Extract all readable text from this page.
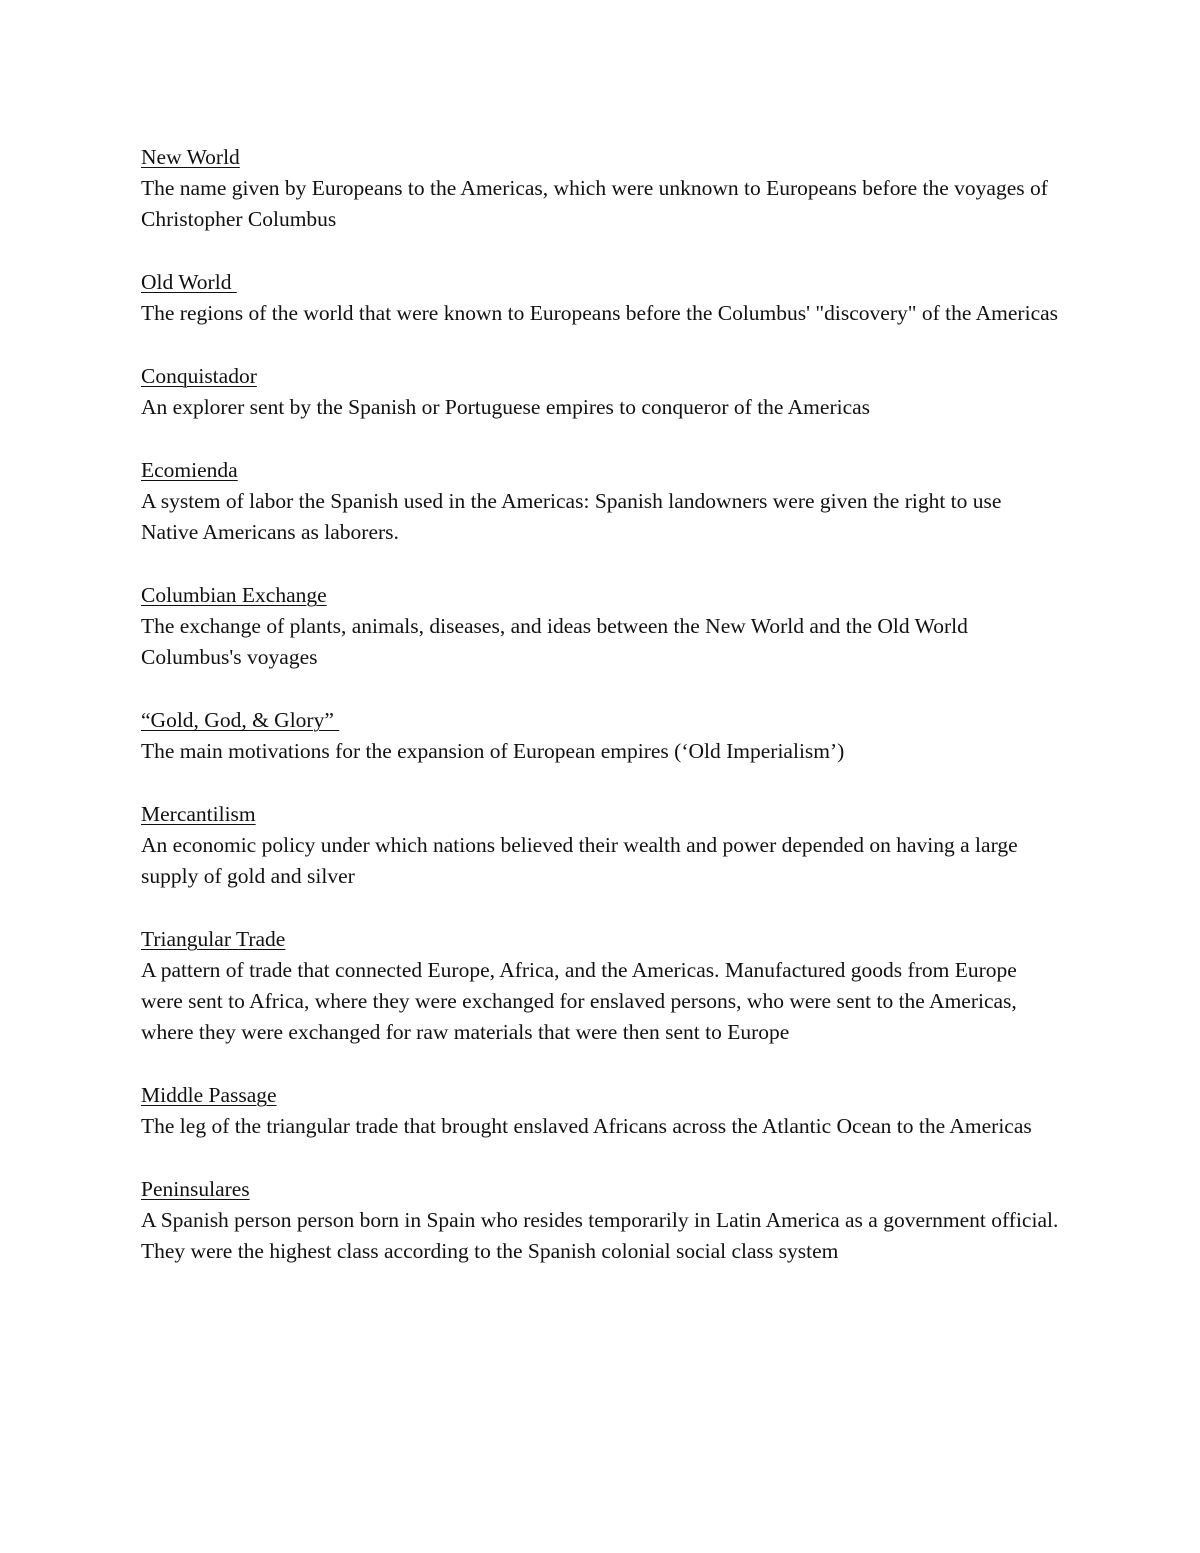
New World
The name given by Europeans to the Americas, which were unknown to Europeans before the voyages of Christopher Columbus
Old World
The regions of the world that were known to Europeans before the Columbus' "discovery" of the Americas
Conquistador
An explorer sent by the Spanish or Portuguese empires to conqueror of the Americas
Ecomienda
A system of labor the Spanish used in the Americas: Spanish landowners were given the right to use Native Americans as laborers.
Columbian Exchange
The exchange of plants, animals, diseases, and ideas between the New World and the Old World Columbus's voyages
“Gold, God, & Glory”
The main motivations for the expansion of European empires (‘Old Imperialism’)
Mercantilism
An economic policy under which nations believed their wealth and power depended on having a large supply of gold and silver
Triangular Trade
A pattern of trade that connected Europe, Africa, and the Americas. Manufactured goods from Europe were sent to Africa, where they were exchanged for enslaved persons, who were sent to the Americas, where they were exchanged for raw materials that were then sent to Europe
Middle Passage
The leg of the triangular trade that brought enslaved Africans across the Atlantic Ocean to the Americas
Peninsulares
A Spanish person person born in Spain who resides temporarily in Latin America as a government official. They were the highest class according to the Spanish colonial social class system
